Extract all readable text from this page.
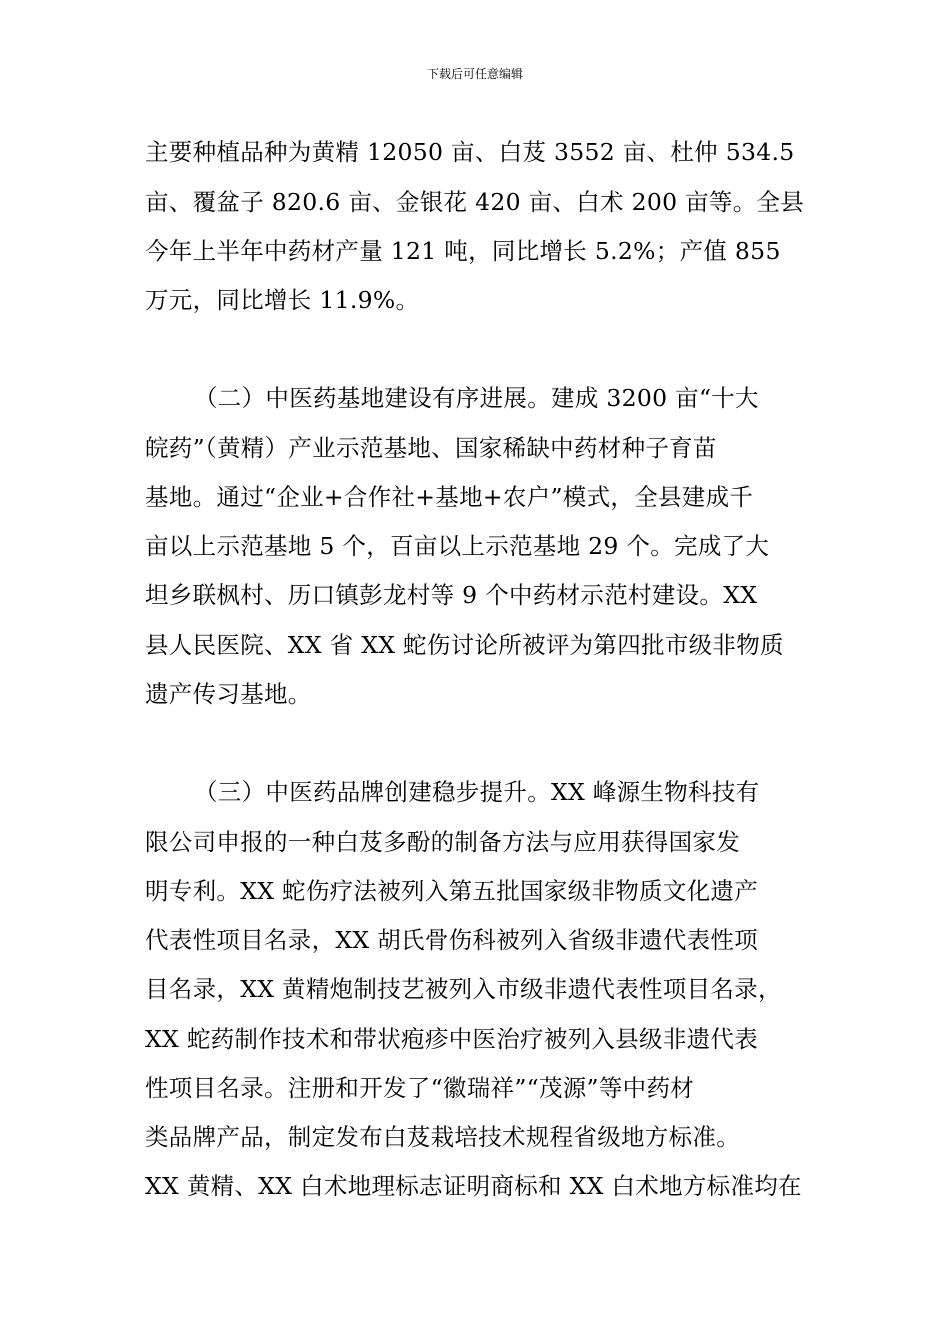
下载后可任意编辑
主要种植品种为黄精 12050 亩、白芨 3552 亩、杜仲 534.5
亩、覆盆子 820.6 亩、金银花 420 亩、白术 200 亩等。全县
今年上半年中药材产量 121 吨，同比增长 5.2%；产值 855
万元，同比增长 11.9%。
（二）中医药基地建设有序进展。建成 3200 亩“十大
皖药”（黄精）产业示范基地、国家稀缺中药材种子育苗
基地。通过“企业+合作社+基地+农户”模式，全县建成千
亩以上示范基地 5 个，百亩以上示范基地 29 个。完成了大
坦乡联枫村、历口镇彭龙村等 9 个中药材示范村建设。XX
县人民医院、XX 省 XX 蛇伤讨论所被评为第四批市级非物质
遗产传习基地。
（三）中医药品牌创建稳步提升。XX 峰源生物科技有
限公司申报的一种白芨多酚的制备方法与应用获得国家发
明专利。XX 蛇伤疗法被列入第五批国家级非物质文化遗产
代表性项目名录，XX 胡氏骨伤科被列入省级非遗代表性项
目名录，XX 黄精炮制技艺被列入市级非遗代表性项目名录，
XX 蛇药制作技术和带状疱疹中医治疗被列入县级非遗代表
性项目名录。注册和开发了“徽瑞祥”“茂源”等中药材
类品牌产品，制定发布白芨栽培技术规程省级地方标准。
XX 黄精、XX 白术地理标志证明商标和 XX 白术地方标准均在
